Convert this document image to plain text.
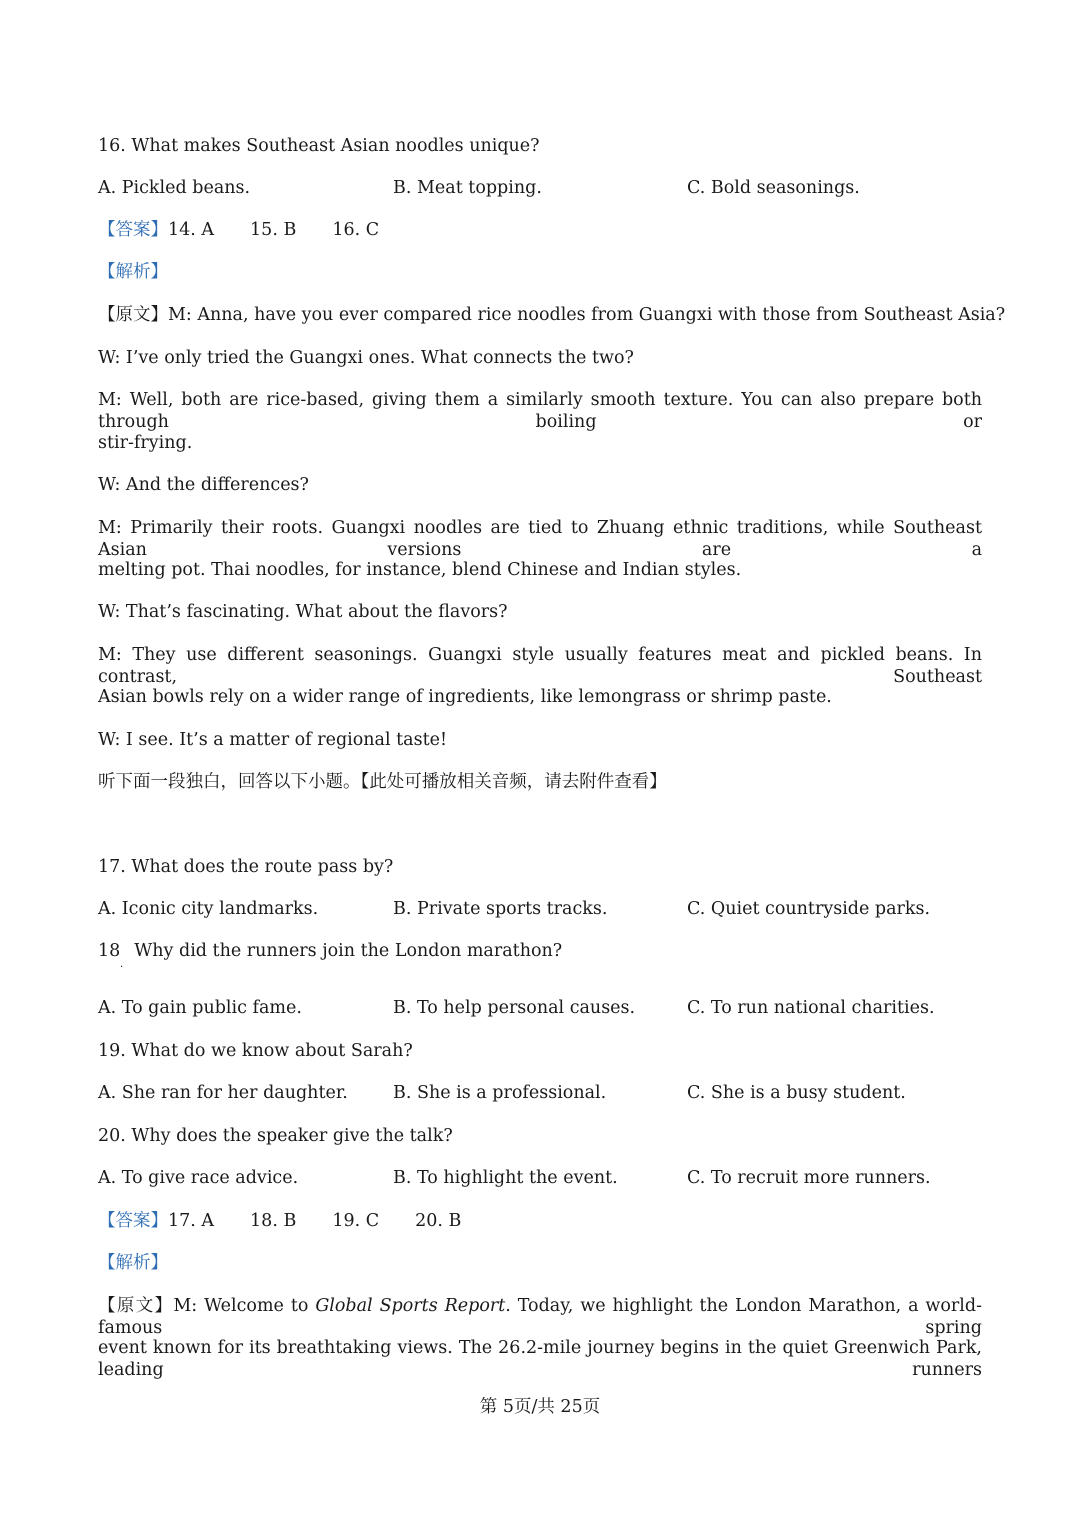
16. What makes Southeast Asian noodles unique?
A. Pickled beans.	B. Meat topping.	C. Bold seasonings.
【答案】14. A 15. B 16. C
【解析】
【原文】M: Anna, have you ever compared rice noodles from Guangxi with those from Southeast Asia?
W: I’ve only tried the Guangxi ones. What connects the two?
M: Well, both are rice-based, giving them a similarly smooth texture. You can also prepare both through boiling or
stir-frying.
W: And the differences?
M: Primarily their roots. Guangxi noodles are tied to Zhuang ethnic traditions, while Southeast Asian versions are a
melting pot. Thai noodles, for instance, blend Chinese and Indian styles.
W: That’s fascinating. What about the flavors?
M: They use different seasonings. Guangxi style usually features meat and pickled beans. In contrast, Southeast
Asian bowls rely on a wider range of ingredients, like lemongrass or shrimp paste.
W: I see. It’s a matter of regional taste!
听下面一段独白，回答以下小题。【此处可播放相关音频，请去附件查看】
17. What does the route pass by?
A. Iconic city landmarks.	B. Private sports tracks.	C. Quiet countryside parks.
18 Why did the runners join the London marathon?
·
A. To gain public fame.	B. To help personal causes.	C. To run national charities.
19. What do we know about Sarah?
A. She ran for her daughter.	B. She is a professional.	C. She is a busy student.
20. Why does the speaker give the talk?
A. To give race advice.	B. To highlight the event.	C. To recruit more runners.
【答案】17. A 18. B 19. C 20. B
【解析】
【原文】M: Welcome to Global Sports Report. Today, we highlight the London Marathon, a world-famous spring
event known for its breathtaking views. The 26.2-mile journey begins in the quiet Greenwich Park, leading runners
第 5页/共 25页
